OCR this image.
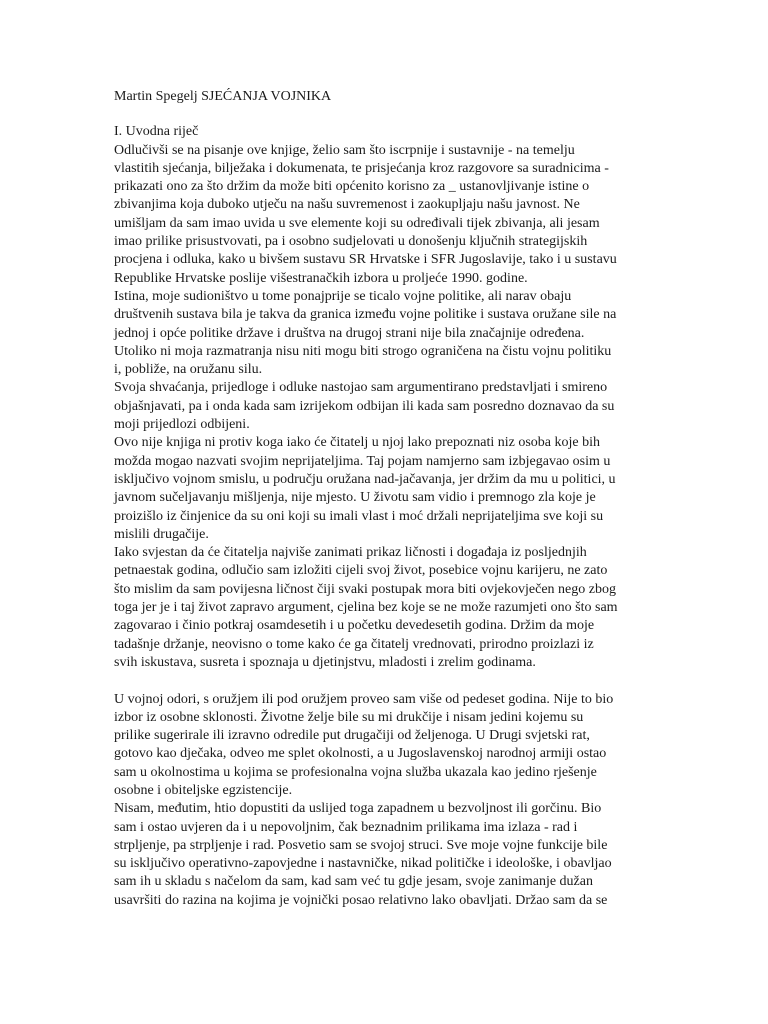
Martin Spegelj SJEĆANJA VOJNIKA
I. Uvodna riječ
Odlučivši se na pisanje ove knjige, želio sam što iscrpnije i sustavnije - na temelju
vlastitih sjećanja, bilježaka i dokumenata, te prisjećanja kroz razgovore sa suradnicima -
prikazati ono za što držim da može biti općenito korisno za _ ustanovljivanje istine o
zbivanjima koja duboko utječu na našu suvremenost i zaokupljaju našu javnost. Ne
umišljam da sam imao uvida u sve elemente koji su određivali tijek zbivanja, ali jesam
imao prilike prisustvovati, pa i osobno sudjelovati u donošenju ključnih strategijskih
procjena i odluka, kako u bivšem sustavu SR Hrvatske i SFR Jugoslavije, tako i u sustavu
Republike Hrvatske poslije višestranačkih izbora u proljeće 1990. godine.
Istina, moje sudioništvo u tome ponajprije se ticalo vojne politike, ali narav obaju
društvenih sustava bila je takva da granica između vojne politike i sustava oružane sile na
jednoj i opće politike države i društva na drugoj strani nije bila značajnije određena.
Utoliko ni moja razmatranja nisu niti mogu biti strogo ograničena na čistu vojnu politiku
i, pobliže, na oružanu silu.
Svoja shvaćanja, prijedloge i odluke nastojao sam argumentirano predstavljati i smireno
objašnjavati, pa i onda kada sam izrijekom odbijan ili kada sam posredno doznavao da su
moji prijedlozi odbijeni.
Ovo nije knjiga ni protiv koga iako će čitatelj u njoj lako prepoznati niz osoba koje bih
možda mogao nazvati svojim neprijateljima. Taj pojam namjerno sam izbjegavao osim u
isključivo vojnom smislu, u području oružana nad-jačavanja, jer držim da mu u politici, u
javnom sučeljavanju mišljenja, nije mjesto. U životu sam vidio i premnogo zla koje je
proizišlo iz činjenice da su oni koji su imali vlast i moć držali neprijateljima sve koji su
mislili drugačije.
Iako svjestan da će čitatelja najviše zanimati prikaz ličnosti i događaja iz posljednjih
petnaestak godina, odlučio sam izložiti cijeli svoj život, posebice vojnu karijeru, ne zato
što mislim da sam povijesna ličnost čiji svaki postupak mora biti ovjekovječen nego zbog
toga jer je i taj život zapravo argument, cjelina bez koje se ne može razumjeti ono što sam
zagovarao i činio potkraj osamdesetih i u početku devedesetih godina. Držim da moje
tadašnje držanje, neovisno o tome kako će ga čitatelj vrednovati, prirodno proizlazi iz
svih iskustava, susreta i spoznaja u djetinjstvu, mladosti i zrelim godinama.
U vojnoj odori, s oružjem ili pod oružjem proveo sam više od pedeset godina. Nije to bio
izbor iz osobne sklonosti. Životne želje bile su mi drukčije i nisam jedini kojemu su
prilike sugerirale ili izravno odredile put drugačiji od željenoga. U Drugi svjetski rat,
gotovo kao dječaka, odveo me splet okolnosti, a u Jugoslavenskoj narodnoj armiji ostao
sam u okolnostima u kojima se profesionalna vojna služba ukazala kao jedino rješenje
osobne i obiteljske egzistencije.
Nisam, međutim, htio dopustiti da uslijed toga zapadnem u bezvoljnost ili gorčinu. Bio
sam i ostao uvjeren da i u nepovoljnim, čak beznadnim prilikama ima izlaza - rad i
strpljenje, pa strpljenje i rad. Posvetio sam se svojoj struci. Sve moje vojne funkcije bile
su isključivo operativno-zapovjedne i nastavničke, nikad političke i ideološke, i obavljao
sam ih u skladu s načelom da sam, kad sam već tu gdje jesam, svoje zanimanje dužan
usavršiti do razina na kojima je vojnički posao relativno lako obavljati. Držao sam da se
